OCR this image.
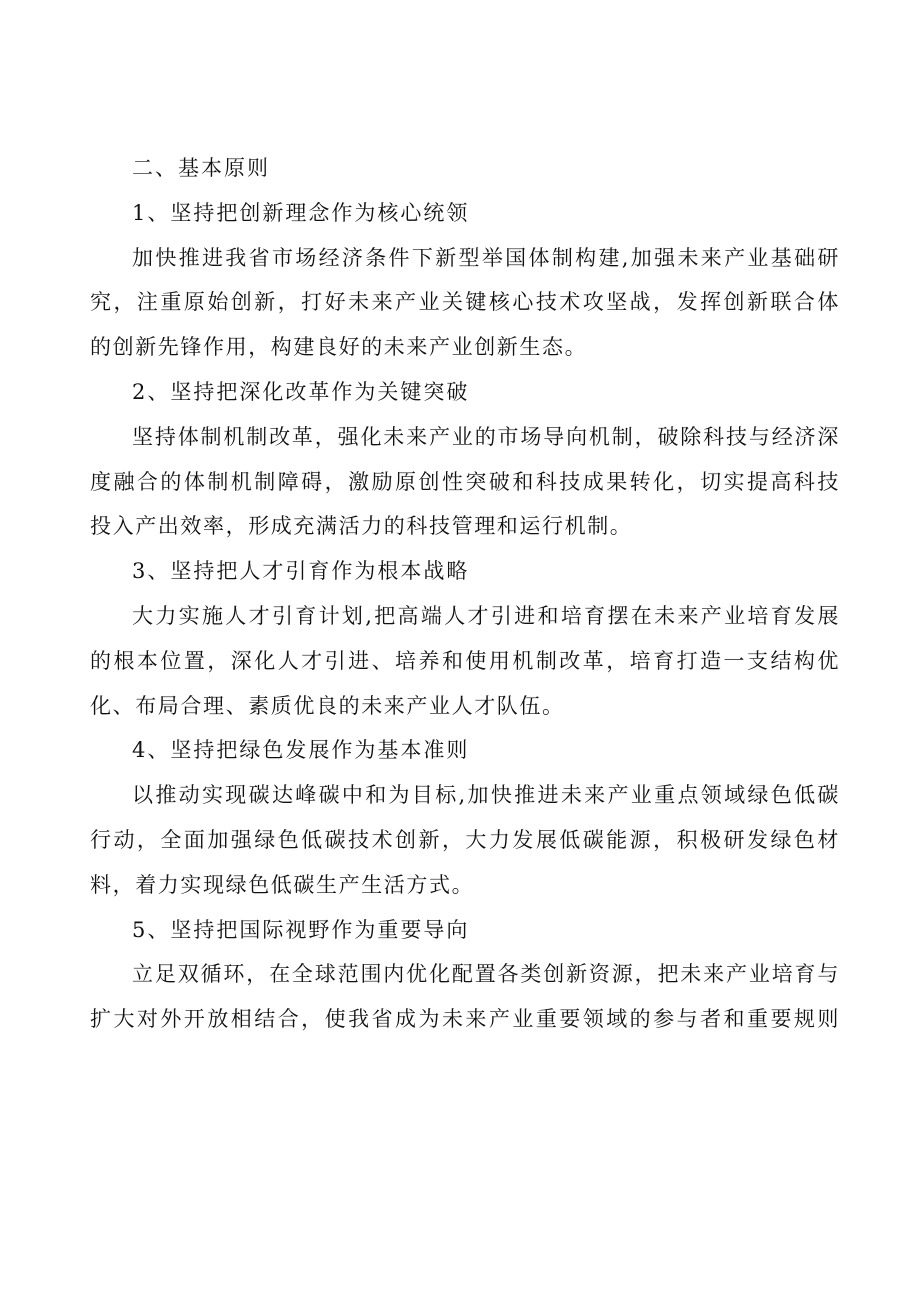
二、基本原则
1、坚持把创新理念作为核心统领
加快推进我省市场经济条件下新型举国体制构建,加强未来产业基础研
究，注重原始创新，打好未来产业关键核心技术攻坚战，发挥创新联合体
的创新先锋作用，构建良好的未来产业创新生态。
2、坚持把深化改革作为关键突破
坚持体制机制改革，强化未来产业的市场导向机制，破除科技与经济深
度融合的体制机制障碍，激励原创性突破和科技成果转化，切实提高科技
投入产出效率，形成充满活力的科技管理和运行机制。
3、坚持把人才引育作为根本战略
大力实施人才引育计划,把高端人才引进和培育摆在未来产业培育发展
的根本位置，深化人才引进、培养和使用机制改革，培育打造一支结构优
化、布局合理、素质优良的未来产业人才队伍。
4、坚持把绿色发展作为基本准则
以推动实现碳达峰碳中和为目标,加快推进未来产业重点领域绿色低碳
行动，全面加强绿色低碳技术创新，大力发展低碳能源，积极研发绿色材
料，着力实现绿色低碳生产生活方式。
5、坚持把国际视野作为重要导向
立足双循环，在全球范围内优化配置各类创新资源，把未来产业培育与
扩大对外开放相结合，使我省成为未来产业重要领域的参与者和重要规则
